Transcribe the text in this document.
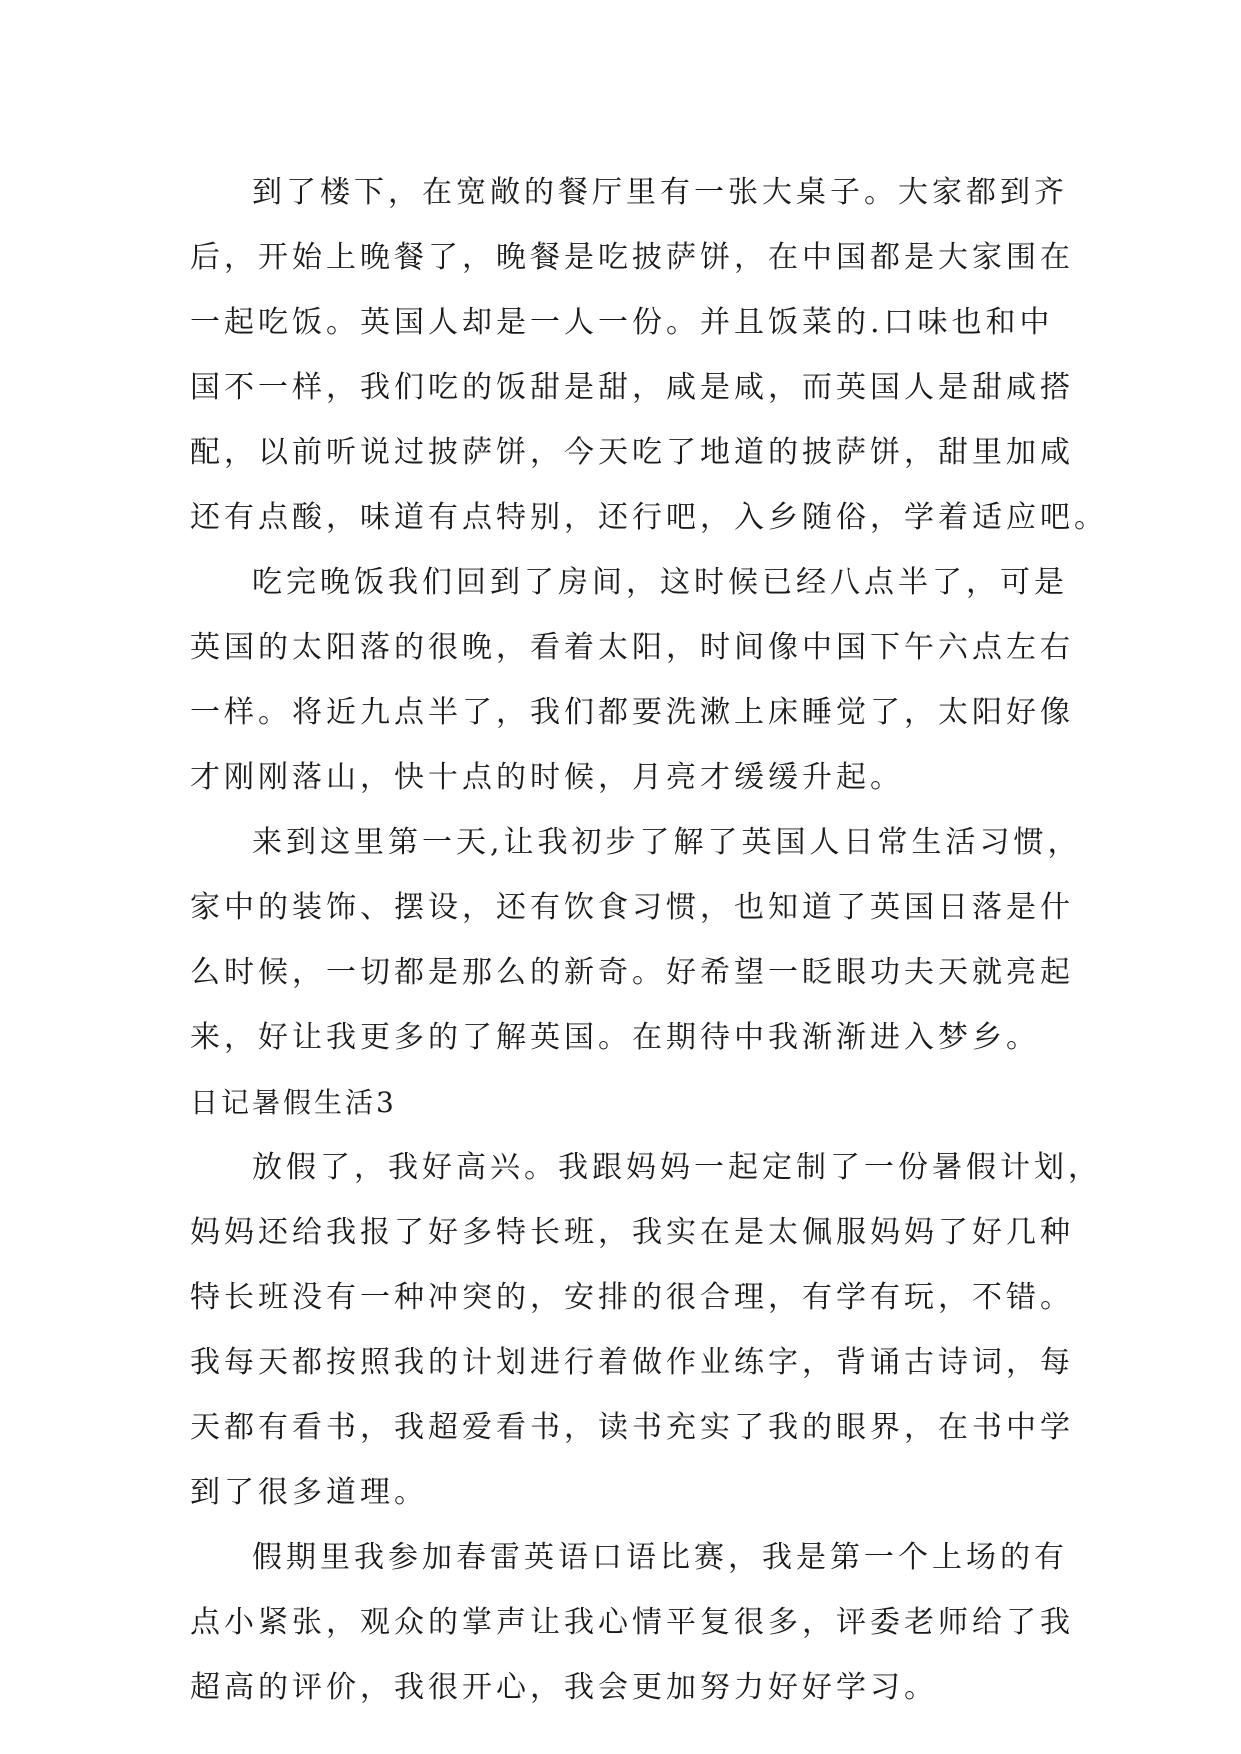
到了楼下，在宽敞的餐厅里有一张大桌子。大家都到齐
后，开始上晚餐了，晚餐是吃披萨饼，在中国都是大家围在
一起吃饭。英国人却是一人一份。并且饭菜的.口味也和中
国不一样，我们吃的饭甜是甜，咸是咸，而英国人是甜咸搭
配，以前听说过披萨饼，今天吃了地道的披萨饼，甜里加咸
还有点酸，味道有点特别，还行吧，入乡随俗，学着适应吧。
吃完晚饭我们回到了房间，这时候已经八点半了，可是
英国的太阳落的很晚，看着太阳，时间像中国下午六点左右
一样。将近九点半了，我们都要洗漱上床睡觉了，太阳好像
才刚刚落山，快十点的时候，月亮才缓缓升起。
来到这里第一天,让我初步了解了英国人日常生活习惯，
家中的装饰、摆设，还有饮食习惯，也知道了英国日落是什
么时候，一切都是那么的新奇。好希望一眨眼功夫天就亮起
来，好让我更多的了解英国。在期待中我渐渐进入梦乡。
日记暑假生活3
放假了，我好高兴。我跟妈妈一起定制了一份暑假计划，
妈妈还给我报了好多特长班，我实在是太佩服妈妈了好几种
特长班没有一种冲突的，安排的很合理，有学有玩，不错。
我每天都按照我的计划进行着做作业练字，背诵古诗词，每
天都有看书，我超爱看书，读书充实了我的眼界，在书中学
到了很多道理。
假期里我参加春雷英语口语比赛，我是第一个上场的有
点小紧张，观众的掌声让我心情平复很多，评委老师给了我
超高的评价，我很开心，我会更加努力好好学习。
